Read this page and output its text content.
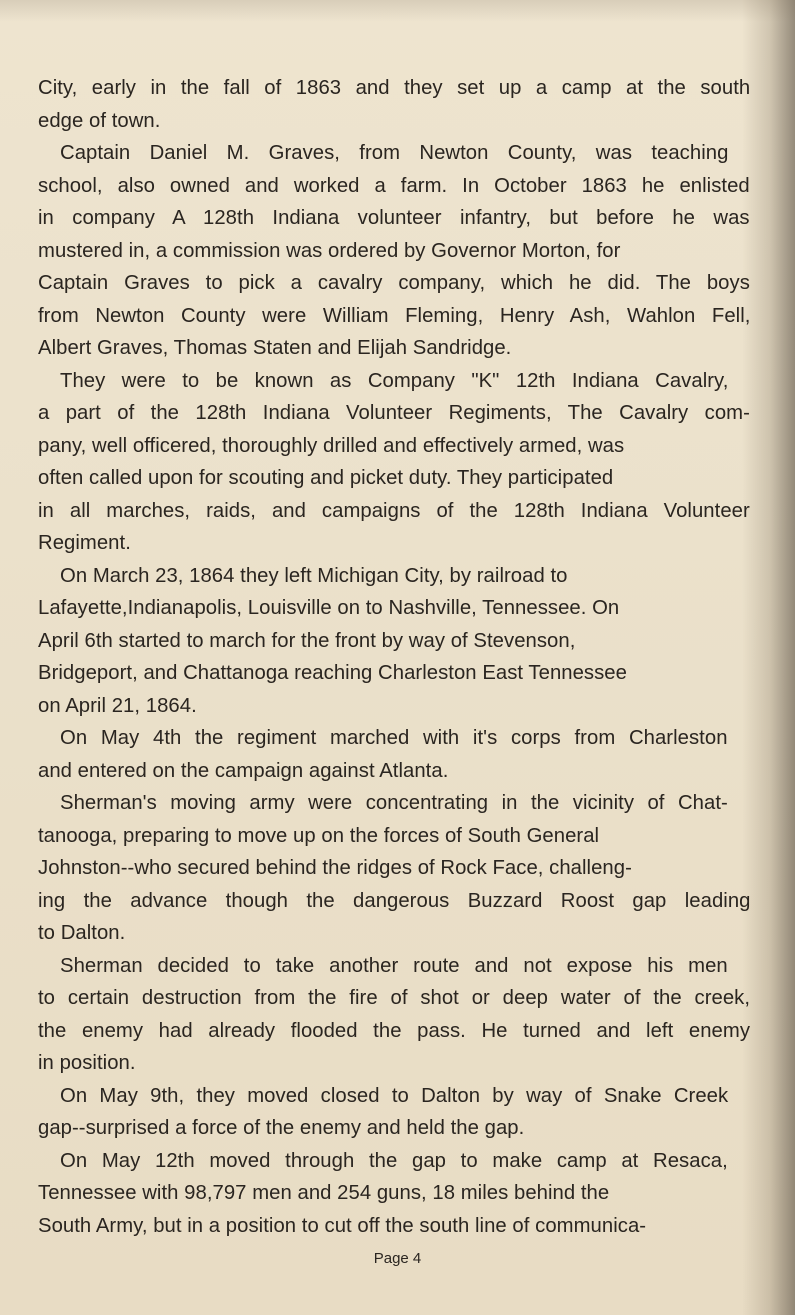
City, early in the fall of 1863 and they set up a camp at the south
edge of town.
Captain Daniel M. Graves, from Newton County, was teaching
school, also owned and worked a farm. In October 1863 he enlisted
in company A 128th Indiana volunteer infantry, but before he was
mustered in, a commission was ordered by Governor Morton, for
Captain Graves to pick a cavalry company, which he did. The boys
from Newton County were William Fleming, Henry Ash, Wahlon Fell,
Albert Graves, Thomas Staten and Elijah Sandridge.
They were to be known as Company "K" 12th Indiana Cavalry,
a part of the 128th Indiana Volunteer Regiments, The Cavalry com-
pany, well officered, thoroughly drilled and effectively armed, was
often called upon for scouting and picket duty. They participated
in all marches, raids, and campaigns of the 128th Indiana Volunteer
Regiment.
On March 23, 1864 they left Michigan City, by railroad to
Lafayette,Indianapolis, Louisville on to Nashville, Tennessee. On
April 6th started to march for the front by way of Stevenson,
Bridgeport, and Chattanoga reaching Charleston East Tennessee
on April 21, 1864.
On May 4th the regiment marched with it's corps from Charleston
and entered on the campaign against Atlanta.
Sherman's moving army were concentrating in the vicinity of Chat-
tanooga, preparing to move up on the forces of South General
Johnston--who secured behind the ridges of Rock Face, challeng-
ing the advance though the dangerous Buzzard Roost gap leading
to Dalton.
Sherman decided to take another route and not expose his men
to certain destruction from the fire of shot or deep water of the creek,
the enemy had already flooded the pass. He turned and left enemy
in position.
On May 9th, they moved closed to Dalton by way of Snake Creek
gap--surprised a force of the enemy and held the gap.
On May 12th moved through the gap to make camp at Resaca,
Tennessee with 98,797 men and 254 guns, 18 miles behind the
South Army, but in a position to cut off the south line of communica-
Page 4
